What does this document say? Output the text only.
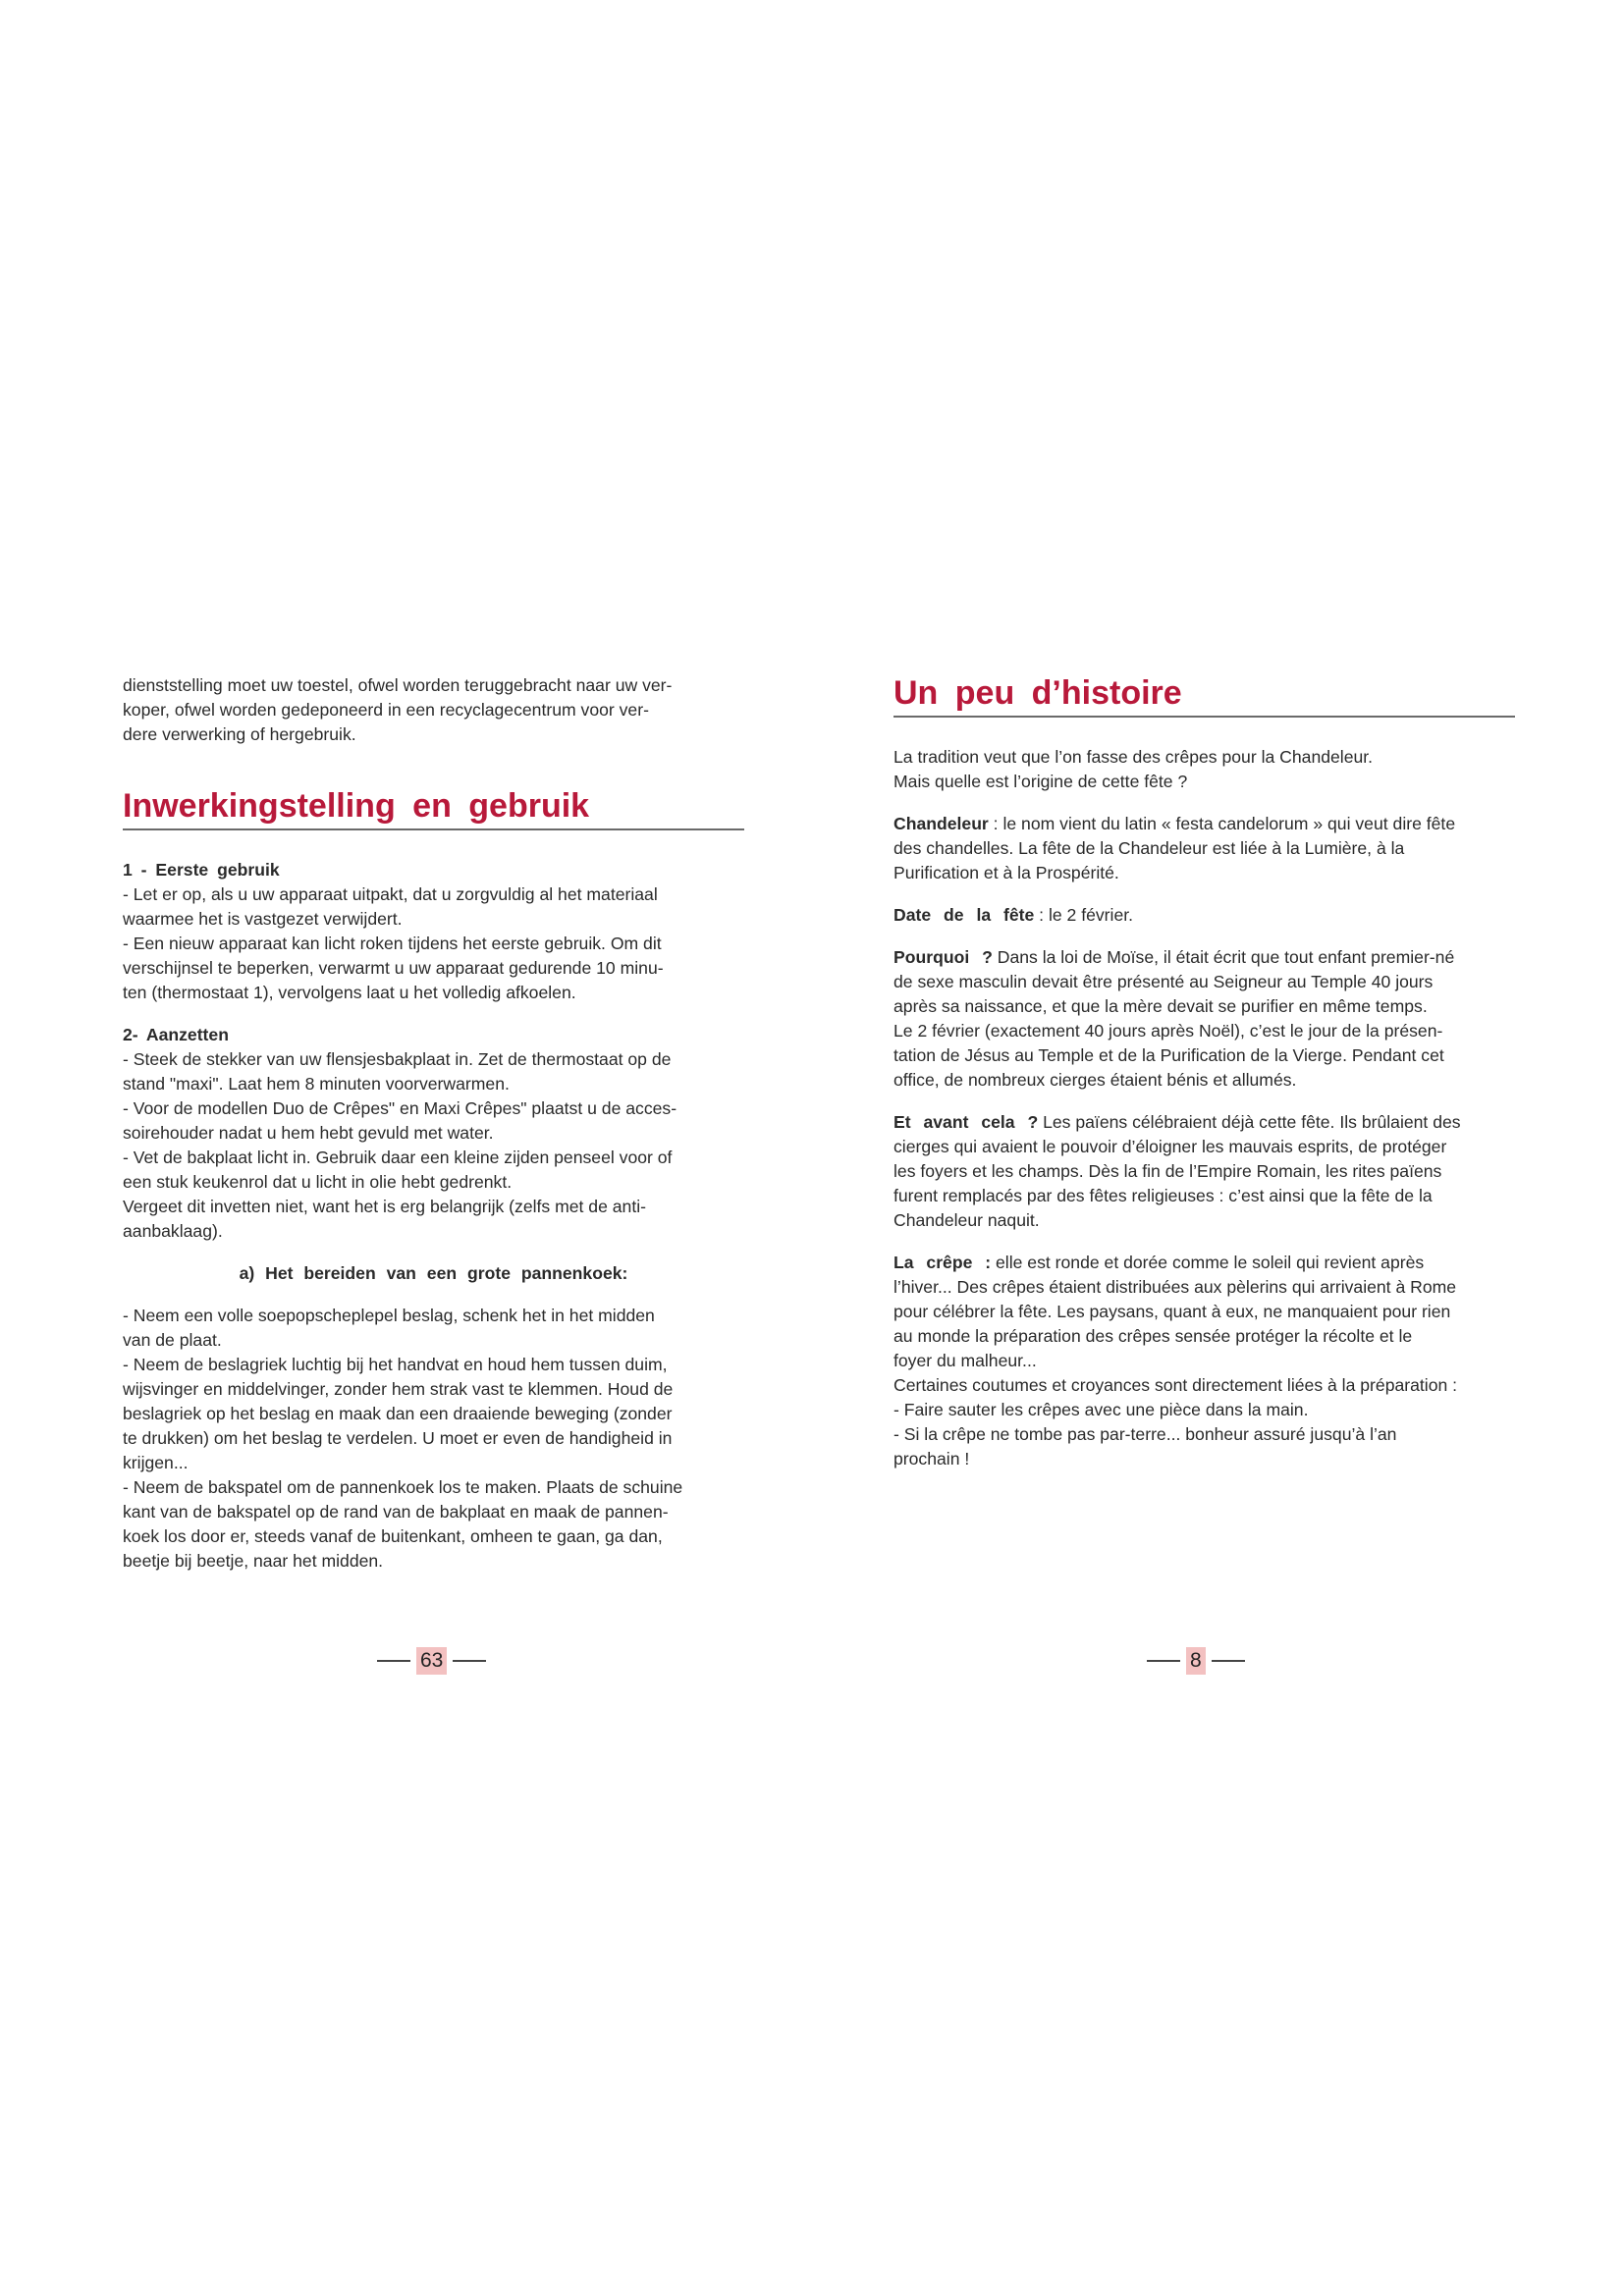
dienststelling moet uw toestel, ofwel worden teruggebracht naar uw ver-

koper, ofwel worden gedeponeerd in een recyclagecentrum voor ver-

dere verwerking of hergebruik.

Inwerkingstelling en gebruik

1 - Eerste gebruik

- Let er op, als u uw apparaat uitpakt, dat u zorgvuldig al het materiaal

waarmee het is vastgezet verwijdert.

- Een nieuw apparaat kan licht roken tijdens het eerste gebruik. Om dit

verschijnsel te beperken, verwarmt u uw apparaat gedurende 10 minu-

ten (thermostaat 1), vervolgens laat u het volledig afkoelen.

2- Aanzetten

- Steek de stekker van uw flensjesbakplaat in. Zet de thermostaat op de

stand "maxi". Laat hem 8 minuten voorverwarmen.

- Voor de modellen Duo de Crêpes" en Maxi Crêpes" plaatst u de acces-

soirehouder nadat u hem hebt gevuld met water.

- Vet de bakplaat licht in. Gebruik daar een kleine zijden penseel voor of

een stuk keukenrol dat u licht in olie hebt gedrenkt.

Vergeet dit invetten niet, want het is erg belangrijk (zelfs met de anti-

aanbaklaag).

a) Het bereiden van een grote pannenkoek:

- Neem een volle soepopscheplepel beslag, schenk het in het midden

van de plaat.

- Neem de beslagriek luchtig bij het handvat en houd hem tussen duim,

wijsvinger en middelvinger, zonder hem strak vast te klemmen. Houd de

beslagriek op het beslag en maak dan een draaiende beweging (zonder

te drukken) om het beslag te verdelen. U moet er even de handigheid in

krijgen...

- Neem de bakspatel om de pannenkoek los te maken. Plaats de schuine

kant van de bakspatel op de rand van de bakplaat en maak de pannen-

koek los door er, steeds vanaf de buitenkant, omheen te gaan, ga dan,

beetje bij beetje, naar het midden.

63
Un peu d’histoire

La tradition veut que l’on fasse des crêpes pour la Chandeleur.

Mais quelle est l’origine de cette fête ?

Chandeleur : le nom vient du latin « festa candelorum » qui veut dire fête

des chandelles. La fête de la Chandeleur est liée à la Lumière, à la

Purification et à la Prospérité.

Date de la fête : le 2 février.

Pourquoi ? Dans la loi de Moïse, il était écrit que tout enfant premier-né

de sexe masculin devait être présenté au Seigneur au Temple 40 jours

après sa naissance, et que la mère devait se purifier en même temps.

Le 2 février (exactement 40 jours après Noël), c’est le jour de la présen-

tation de Jésus au Temple et de la Purification de la Vierge. Pendant cet

office, de nombreux cierges étaient bénis et allumés.

Et avant cela ? Les païens célébraient déjà cette fête. Ils brûlaient des

cierges qui avaient le pouvoir d’éloigner les mauvais esprits, de protéger

les foyers et les champs. Dès la fin de l’Empire Romain, les rites païens

furent remplacés par des fêtes religieuses : c’est ainsi que la fête de la

Chandeleur naquit.

La crêpe : elle est ronde et dorée comme le soleil qui revient après

l’hiver... Des crêpes étaient distribuées aux pèlerins qui arrivaient à Rome

pour célébrer la fête. Les paysans, quant à eux, ne manquaient pour rien

au monde la préparation des crêpes sensée protéger la récolte et le

foyer du malheur...

Certaines coutumes et croyances sont directement liées à la préparation :

- Faire sauter les crêpes avec une pièce dans la main.

- Si la crêpe ne tombe pas par-terre... bonheur assuré jusqu’à l’an

prochain !

8
